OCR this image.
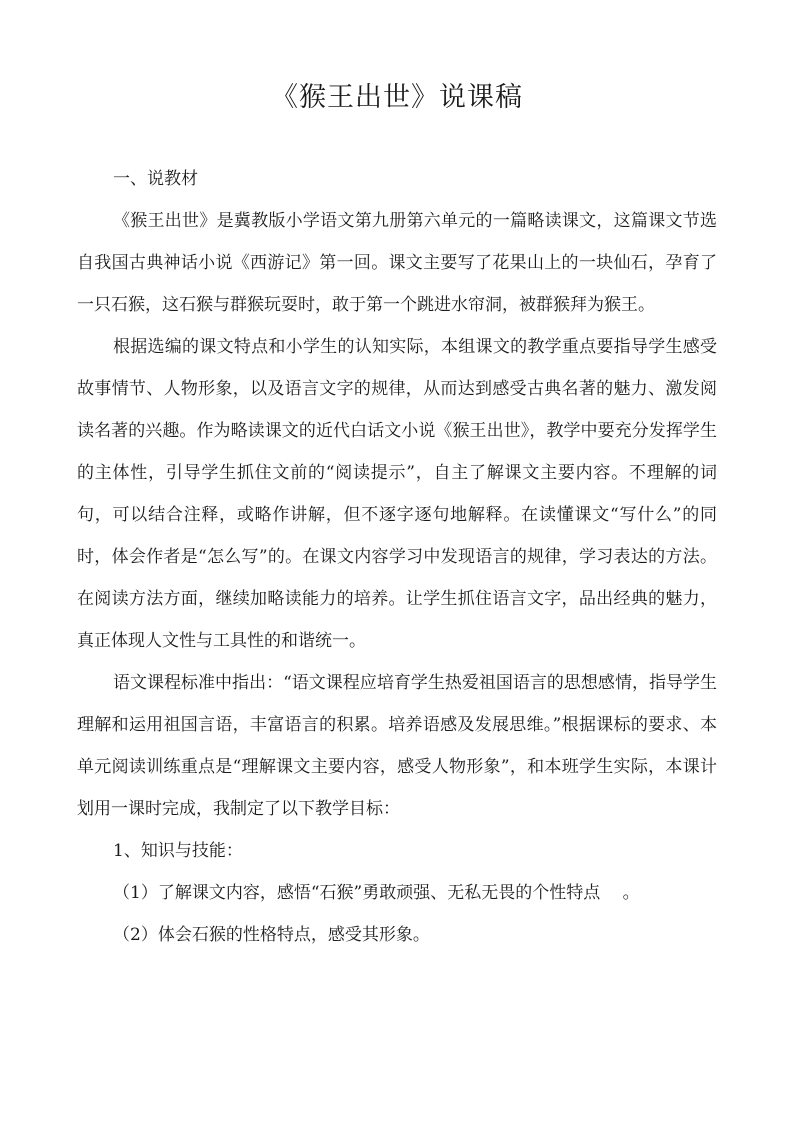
《猴王出世》说课稿

一、说教材

《猴王出世》是冀教版小学语文第九册第六单元的一篇略读课文，这篇课文节选自我国古典神话小说《西游记》第一回。课文主要写了花果山上的一块仙石，孕育了一只石猴，这石猴与群猴玩耍时，敢于第一个跳进水帘洞，被群猴拜为猴王。

根据选编的课文特点和小学生的认知实际，本组课文的教学重点要指导学生感受故事情节、人物形象，以及语言文字的规律，从而达到感受古典名著的魅力、激发阅读名著的兴趣。作为略读课文的近代白话文小说《猴王出世》，教学中要充分发挥学生的主体性，引导学生抓住文前的“阅读提示”，自主了解课文主要内容。不理解的词句，可以结合注释，或略作讲解，但不逐字逐句地解释。在读懂课文“写什么”的同时，体会作者是“怎么写”的。在课文内容学习中发现语言的规律，学习表达的方法。在阅读方法方面，继续加略读能力的培养。让学生抓住语言文字，品出经典的魅力，真正体现人文性与工具性的和谐统一。

语文课程标准中指出：“语文课程应培育学生热爱祖国语言的思想感情，指导学生理解和运用祖国言语，丰富语言的积累。培养语感及发展思维。”根据课标的要求、本单元阅读训练重点是“理解课文主要内容，感受人物形象”，和本班学生实际，本课计划用一课时完成，我制定了以下教学目标：

1、知识与技能：

（1）了解课文内容，感悟“石猴”勇敢顽强、无私无畏的个性特点　 。

（2）体会石猴的性格特点，感受其形象。
